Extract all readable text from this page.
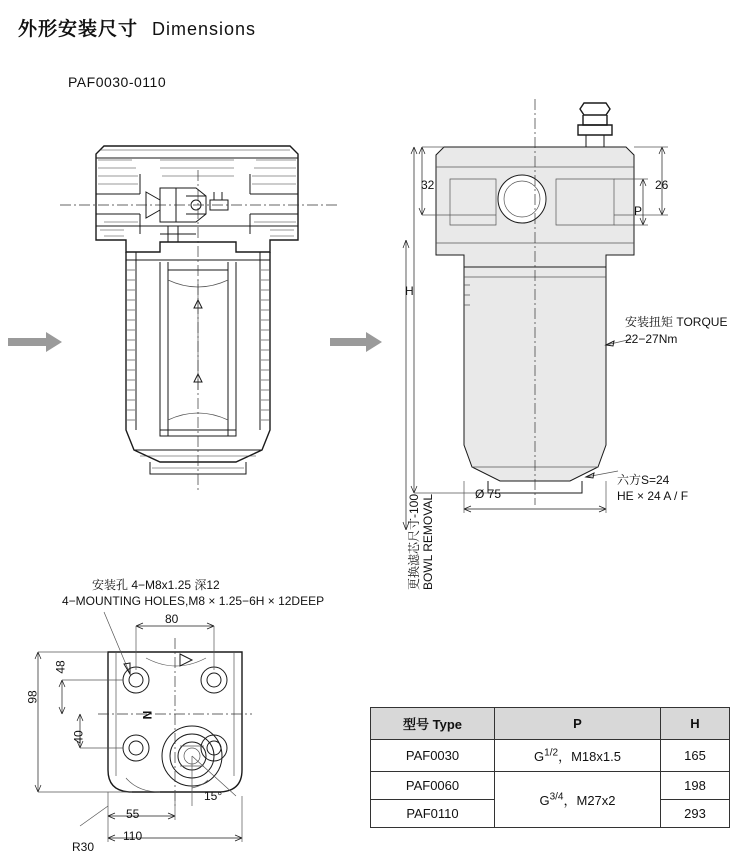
外形安装尺寸 Dimensions
PAF0030-0110
32	26
P
H
Ø 75
安装扭矩 TORQUE
22−27Nm
六方S=24
HE × 24 A / F
更换滤芯尺寸-100 BOWL REMOVAL
80
110
55
R30
15°
98
48
40
N
安装孔 4−M8x1.25 深12
4−MOUNTING HOLES,M8 × 1.25−6H × 12DEEP
型号 Type	P	H
PAF0030	$G^{1/2}$，M18x1.5	165
PAF0060	$G^{3/4}$，M27x2	198
PAF0110		293
